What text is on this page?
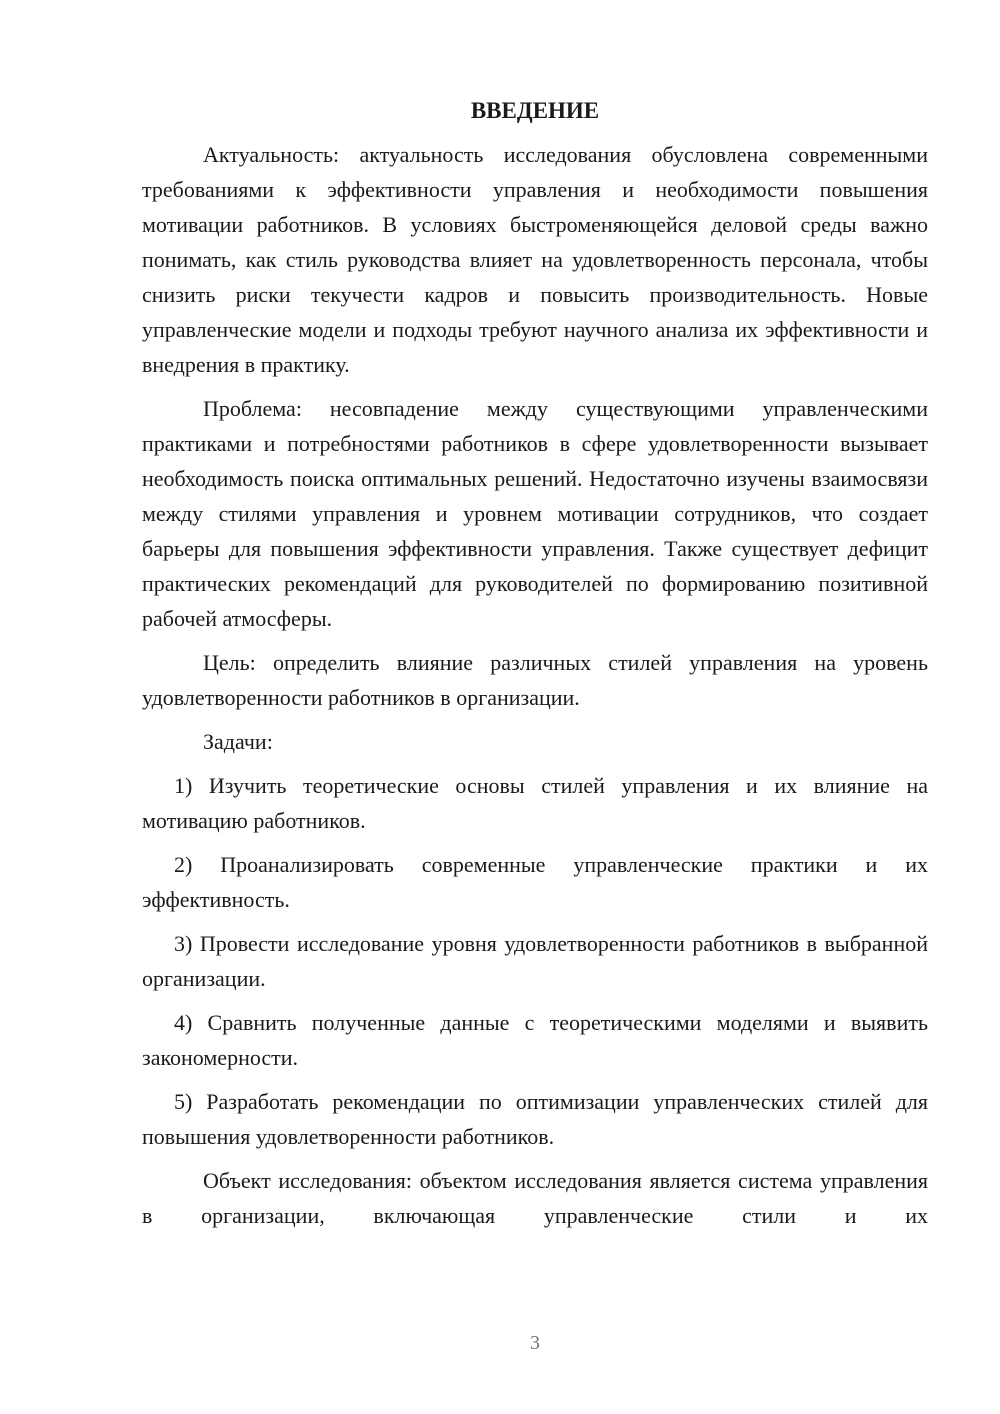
ВВЕДЕНИЕ

Актуальность: актуальность исследования обусловлена современными требованиями к эффективности управления и необходимости повышения мотивации работников. В условиях быстроменяющейся деловой среды важно понимать, как стиль руководства влияет на удовлетворенность персонала, чтобы снизить риски текучести кадров и повысить производительность. Новые управленческие модели и подходы требуют научного анализа их эффективности и внедрения в практику.

Проблема: несовпадение между существующими управленческими практиками и потребностями работников в сфере удовлетворенности вызывает необходимость поиска оптимальных решений. Недостаточно изучены взаимосвязи между стилями управления и уровнем мотивации сотрудников, что создает барьеры для повышения эффективности управления. Также существует дефицит практических рекомендаций для руководителей по формированию позитивной рабочей атмосферы.

Цель: определить влияние различных стилей управления на уровень удовлетворенности работников в организации.

Задачи:

1) Изучить теоретические основы стилей управления и их влияние на мотивацию работников.

2) Проанализировать современные управленческие практики и их эффективность.

3) Провести исследование уровня удовлетворенности работников в выбранной организации.

4) Сравнить полученные данные с теоретическими моделями и выявить закономерности.

5) Разработать рекомендации по оптимизации управленческих стилей для повышения удовлетворенности работников.

Объект исследования: объектом исследования является система управления в организации, включающая управленческие стили и их

3
